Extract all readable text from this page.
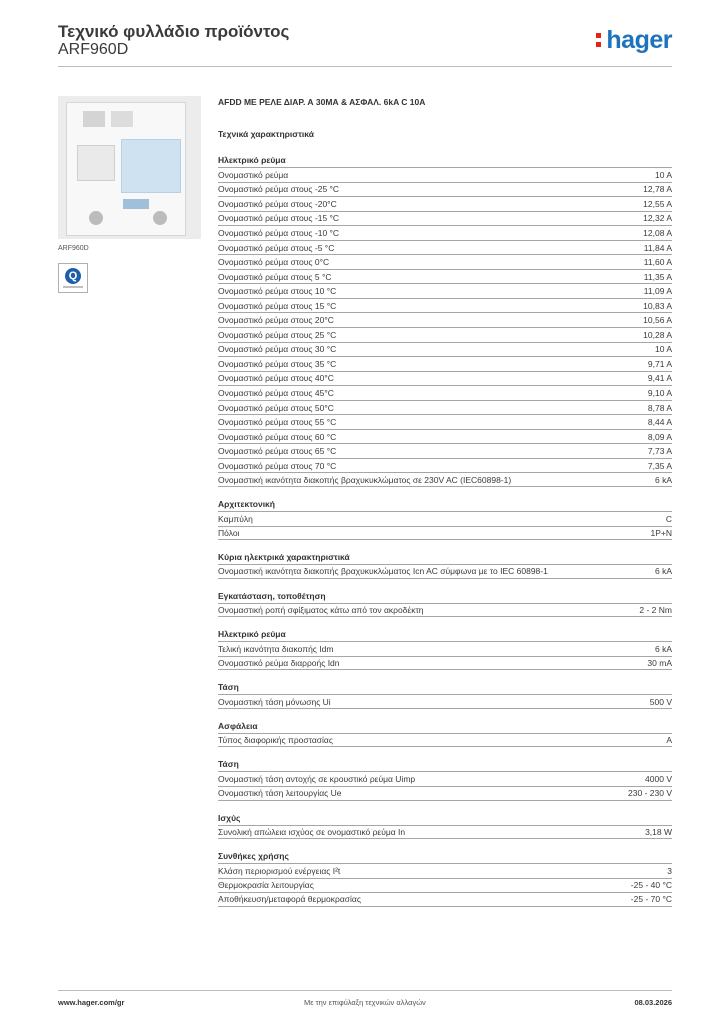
Τεχνικό φυλλάδιο προϊόντος
ARF960D	hager
ARF960D
Q
AFDD ΜΕ ΡΕΛΕ ΔΙΑΡ. Α 30ΜΑ & ΑΣΦΑΛ. 6kA C 10A
Τεχνικά χαρακτηριστικά
Ηλεκτρικό ρεύμα
Ονομαστικό ρεύμα	10 A
Ονομαστικό ρεύμα στους -25 °C	12,78 A
Ονομαστικό ρεύμα στους -20°C	12,55 A
Ονομαστικό ρεύμα στους -15 °C	12,32 A
Ονομαστικό ρεύμα στους -10 °C	12,08 A
Ονομαστικό ρεύμα στους -5 °C	11,84 A
Ονομαστικό ρεύμα στους 0°C	11,60 A
Ονομαστικό ρεύμα στους 5 °C	11,35 A
Ονομαστικό ρεύμα στους 10 °C	11,09 A
Ονομαστικό ρεύμα στους 15 °C	10,83 A
Ονομαστικό ρεύμα στους 20°C	10,56 A
Ονομαστικό ρεύμα στους 25 °C	10,28 A
Ονομαστικό ρεύμα στους 30 °C	10 A
Ονομαστικό ρεύμα στους 35 °C	9,71 A
Ονομαστικό ρεύμα στους 40°C	9,41 A
Ονομαστικό ρεύμα στους 45°C	9,10 A
Ονομαστικό ρεύμα στους 50°C	8,78 A
Ονομαστικό ρεύμα στους 55 °C	8,44 A
Ονομαστικό ρεύμα στους 60 °C	8,09 A
Ονομαστικό ρεύμα στους 65 °C	7,73 A
Ονομαστικό ρεύμα στους 70 °C	7,35 A
Ονομαστική ικανότητα διακοπής βραχυκυκλώματος σε 230V AC (IEC60898-1)	6 kA
Αρχιτεκτονική
Καμπύλη	C
Πόλοι	1P+N
Κύρια ηλεκτρικά χαρακτηριστικά
Ονομαστική ικανότητα διακοπής βραχυκυκλώματος Icn AC σύμφωνα με το IEC 60898-1	6 kA
Εγκατάσταση, τοποθέτηση
Ονομαστική ροπή σφίξιματος κάτω από τον ακροδέκτη	2 - 2 Nm
Ηλεκτρικό ρεύμα
Τελική ικανότητα διακοπής Idm	6 kA
Ονομαστικό ρεύμα διαρροής Idn	30 mA
Τάση
Ονομαστική τάση μόνωσης Ui	500 V
Ασφάλεια
Τύπος διαφορικής προστασίας	A
Τάση
Ονομαστική τάση αντοχής σε κρουστικό ρεύμα Uimp	4000 V
Ονομαστική τάση λειτουργίας Ue	230 - 230 V
Ισχύς
Συνολική απώλεια ισχύος σε ονομαστικό ρεύμα In	3,18 W
Συνθήκες χρήσης
Κλάση περιορισμού ενέργειας I²t	3
Θερμοκρασία λειτουργίας	-25 - 40 °C
Αποθήκευση/μεταφορά θερμοκρασίας	-25 - 70 °C
www.hager.com/gr	Με την επιφύλαξη τεχνικών αλλαγών	08.03.2026
